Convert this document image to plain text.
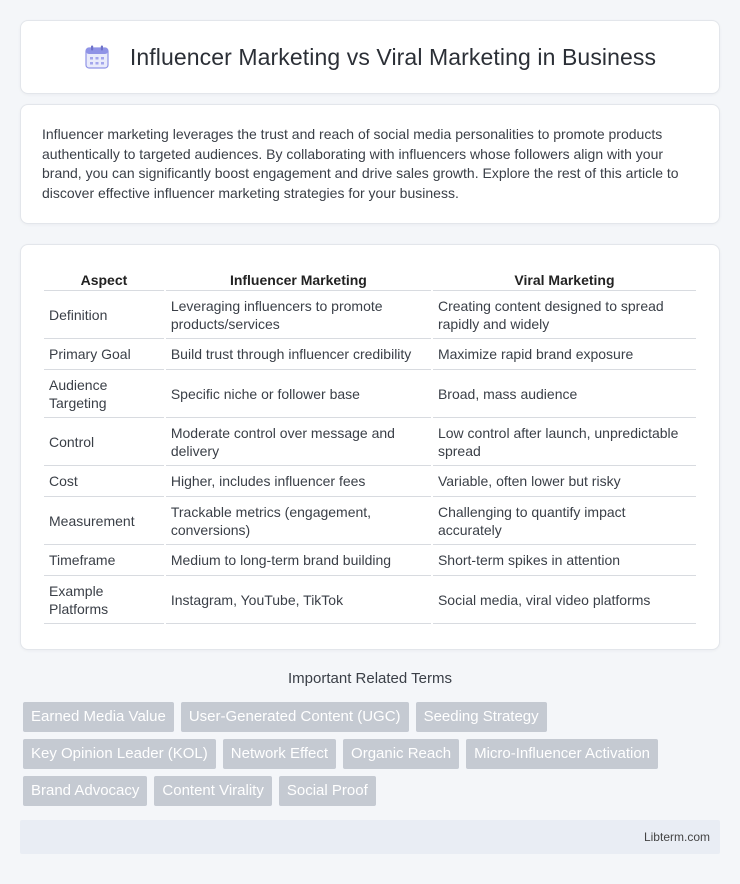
Influencer Marketing vs Viral Marketing in Business

Influencer marketing leverages the trust and reach of social media personalities to promote products authentically to targeted audiences. By collaborating with influencers whose followers align with your brand, you can significantly boost engagement and drive sales growth. Explore the rest of this article to discover effective influencer marketing strategies for your business.

Aspect	Influencer Marketing	Viral Marketing
Definition	Leveraging influencers to promote products/services	Creating content designed to spread rapidly and widely
Primary Goal	Build trust through influencer credibility	Maximize rapid brand exposure
Audience Targeting	Specific niche or follower base	Broad, mass audience
Control	Moderate control over message and delivery	Low control after launch, unpredictable spread
Cost	Higher, includes influencer fees	Variable, often lower but risky
Measurement	Trackable metrics (engagement, conversions)	Challenging to quantify impact accurately
Timeframe	Medium to long-term brand building	Short-term spikes in attention
Example Platforms	Instagram, YouTube, TikTok	Social media, viral video platforms
Important Related Terms
Earned Media Value	User-Generated Content (UGC)	Seeding Strategy
Key Opinion Leader (KOL)	Network Effect	Organic Reach	Micro-Influencer Activation
Brand Advocacy	Content Virality	Social Proof
Libterm.com
